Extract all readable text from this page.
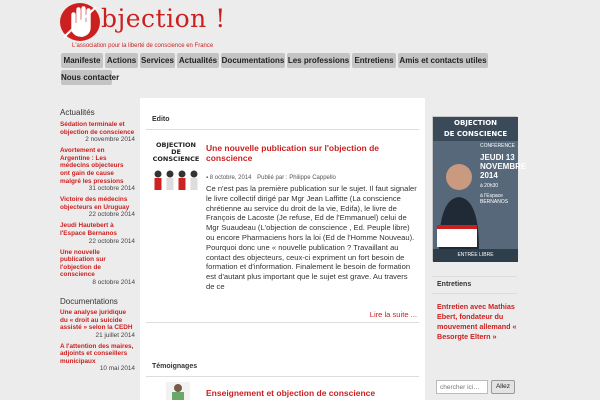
bjection !
L'association pour la liberté de conscience en France
Manifeste Actions Services Actualités Documentations Les professions Entretiens Amis et contacts utiles
Nous contacter
Actualités
Sédation terminale et objection de conscience
2 novembre 2014
Avortement en Argentine : Les médecins objecteurs ont gain de cause malgré les pressions
31 octobre 2014
Victoire des médecins objecteurs en Uruguay
22 octobre 2014
Jeudi Hautebert à l'Espace Bernanos
22 octobre 2014
Une nouvelle publication sur l'objection de conscience
8 octobre 2014
Documentations
Une analyse juridique du « droit au suicide assisté » selon la CEDH
21 juillet 2014
A l'attention des maires, adjoints et conseillers municipaux
10 mai 2014
Edito
OBJECTION DE CONSCIENCE
Une nouvelle publication sur l'objection de conscience
▪ 8 octobre, 2014 Publié par : Philippe Cappello
Ce n'est pas la première publication sur le sujet. Il faut signaler le livre collectif dirigé par Mgr Jean Laffitte (La conscience chrétienne au service du droit de la vie, Edifa), le livre de François de Lacoste (Je refuse, Ed de l'Emmanuel) celui de Mgr Suaudeau (L'objection de conscience , Ed. Peuple libre) ou encore Pharmaciens hors la loi (Ed de l'Homme Nouveau). Pourquoi donc une « nouvelle publication ? Travaillant au contact des objecteurs, ceux-ci expriment un fort besoin de formation et d'information. Finalement le besoin de formation est d'autant plus important que le sujet est grave. Au travers de ce
Lire la suite ...
Témoignages
Enseignement et objection de conscience
OBJECTION
DE CONSCIENCE
CONFÉRENCE
JEUDI 13
NOVEMBRE
2014
à 20h30
à l'Espace BERNANOS
ENTRÉE LIBRE
Entretiens
Entretien avec Mathias Ebert, fondateur du mouvement allemand « Besorgte Eltern »
chercher ici…
Allez
